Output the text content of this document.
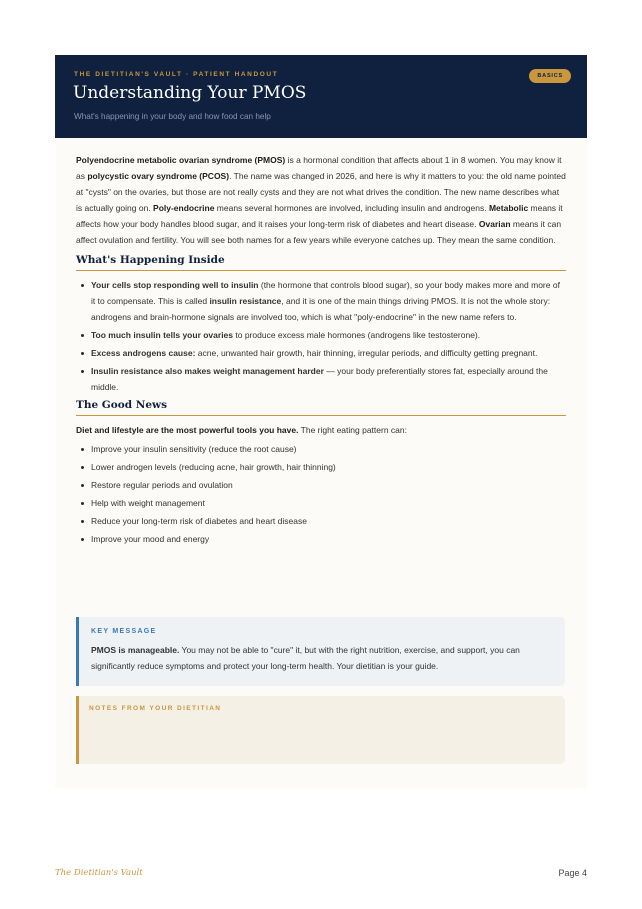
THE DIETITIAN'S VAULT · PATIENT HANDOUT	BASICS
Understanding Your PMOS
What's happening in your body and how food can help

Polyendocrine metabolic ovarian syndrome (PMOS) is a hormonal condition that affects about 1 in 8 women. You may know it as polycystic ovary syndrome (PCOS). The name was changed in 2026, and here is why it matters to you: the old name pointed at "cysts" on the ovaries, but those are not really cysts and they are not what drives the condition. The new name describes what is actually going on. Poly-endocrine means several hormones are involved, including insulin and androgens. Metabolic means it affects how your body handles blood sugar, and it raises your long-term risk of diabetes and heart disease. Ovarian means it can affect ovulation and fertility. You will see both names for a few years while everyone catches up. They mean the same condition.

What's Happening Inside
Your cells stop responding well to insulin (the hormone that controls blood sugar), so your body makes more and more of it to compensate. This is called insulin resistance, and it is one of the main things driving PMOS. It is not the whole story: androgens and brain-hormone signals are involved too, which is what "poly-endocrine" in the new name refers to.
Too much insulin tells your ovaries to produce excess male hormones (androgens like testosterone).
Excess androgens cause: acne, unwanted hair growth, hair thinning, irregular periods, and difficulty getting pregnant.
Insulin resistance also makes weight management harder — your body preferentially stores fat, especially around the middle.
The Good News

Diet and lifestyle are the most powerful tools you have. The right eating pattern can:

Improve your insulin sensitivity (reduce the root cause)
Lower androgen levels (reducing acne, hair growth, hair thinning)
Restore regular periods and ovulation
Help with weight management
Reduce your long-term risk of diabetes and heart disease
Improve your mood and energy
KEY MESSAGE

PMOS is manageable. You may not be able to "cure" it, but with the right nutrition, exercise, and support, you can significantly reduce symptoms and protect your long-term health. Your dietitian is your guide.

NOTES FROM YOUR DIETITIAN
The Dietitian's Vault	Page 4
